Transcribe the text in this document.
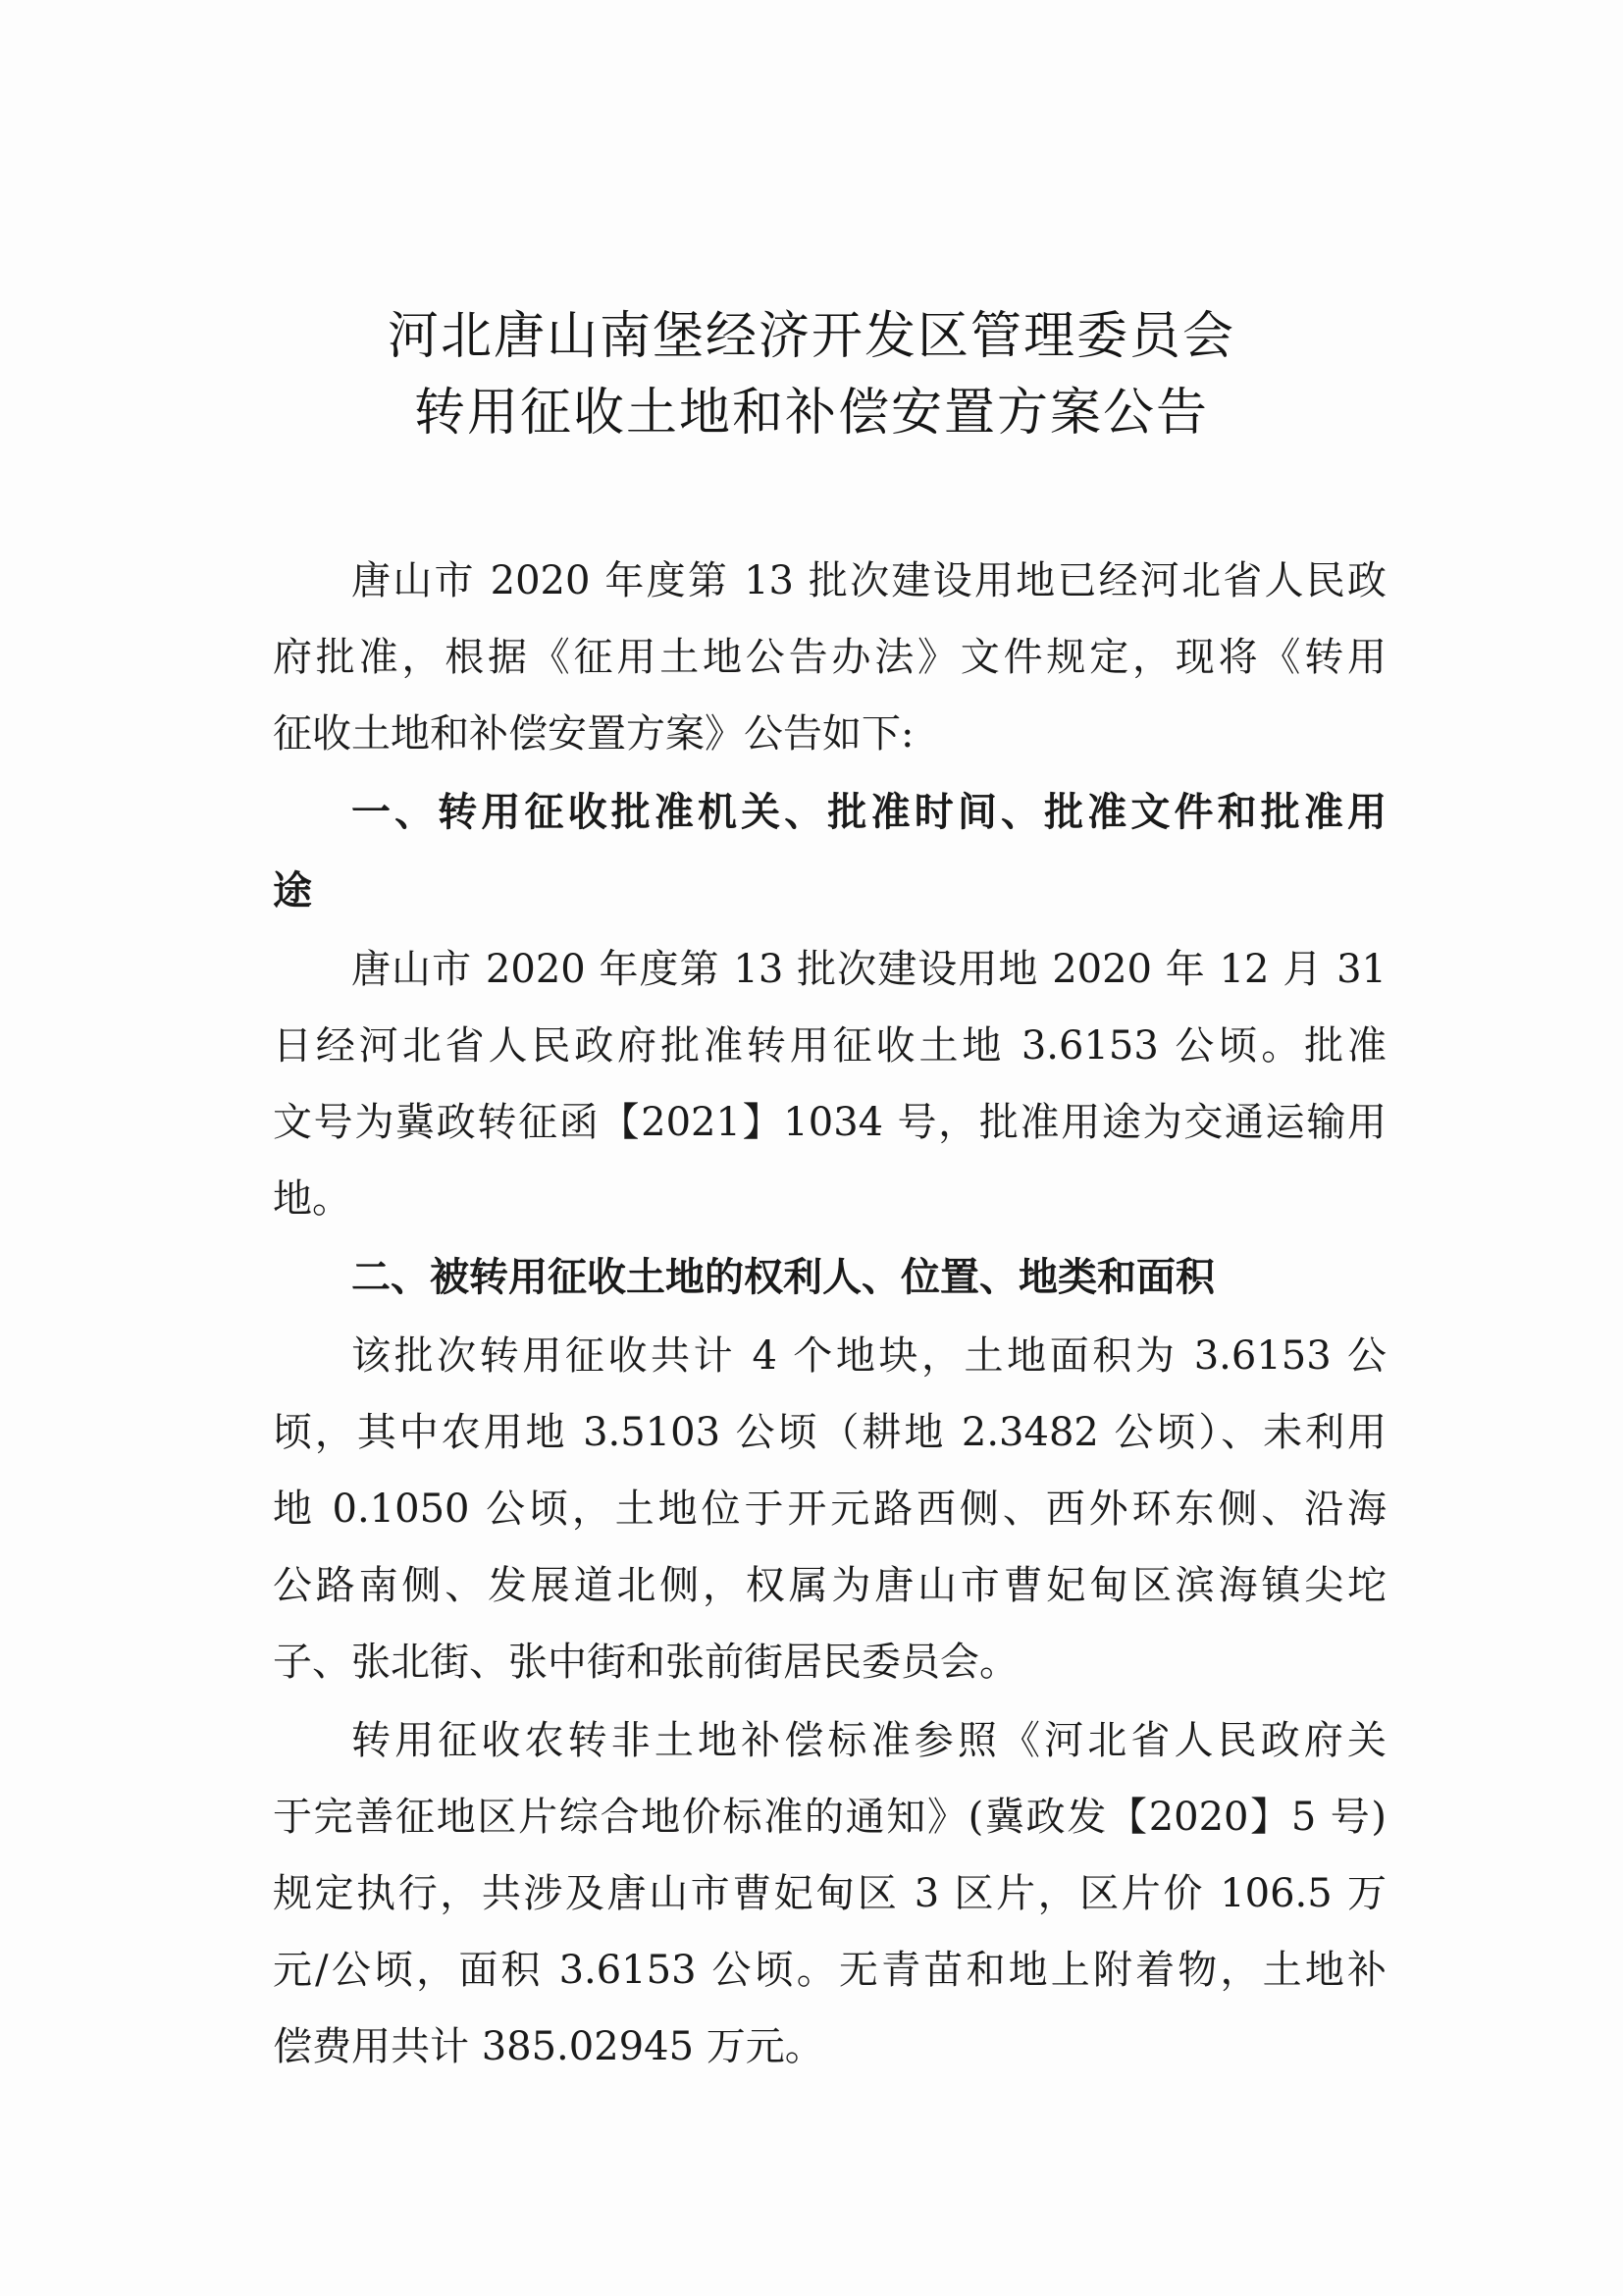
河北唐山南堡经济开发区管理委员会
转用征收土地和补偿安置方案公告
唐山市 2020 年度第 13 批次建设用地已经河北省人民政
府批准，根据《征用土地公告办法》文件规定，现将《转用
征收土地和补偿安置方案》公告如下:
一、转用征收批准机关、批准时间、批准文件和批准用
途
唐山市 2020 年度第 13 批次建设用地 2020 年 12 月 31
日经河北省人民政府批准转用征收土地 3.6153 公顷。批准
文号为冀政转征函【2021】1034 号，批准用途为交通运输用
地。
二、被转用征收土地的权利人、位置、地类和面积
该批次转用征收共计 4 个地块，土地面积为 3.6153 公
顷，其中农用地 3.5103 公顷（耕地 2.3482 公顷）、未利用
地 0.1050 公顷，土地位于开元路西侧、西外环东侧、沿海
公路南侧、发展道北侧，权属为唐山市曹妃甸区滨海镇尖坨
子、张北街、张中街和张前街居民委员会。
转用征收农转非土地补偿标准参照《河北省人民政府关
于完善征地区片综合地价标准的通知》(冀政发【2020】5 号)
规定执行，共涉及唐山市曹妃甸区 3 区片，区片价 106.5 万
元/公顷，面积 3.6153 公顷。无青苗和地上附着物，土地补
偿费用共计 385.02945 万元。
